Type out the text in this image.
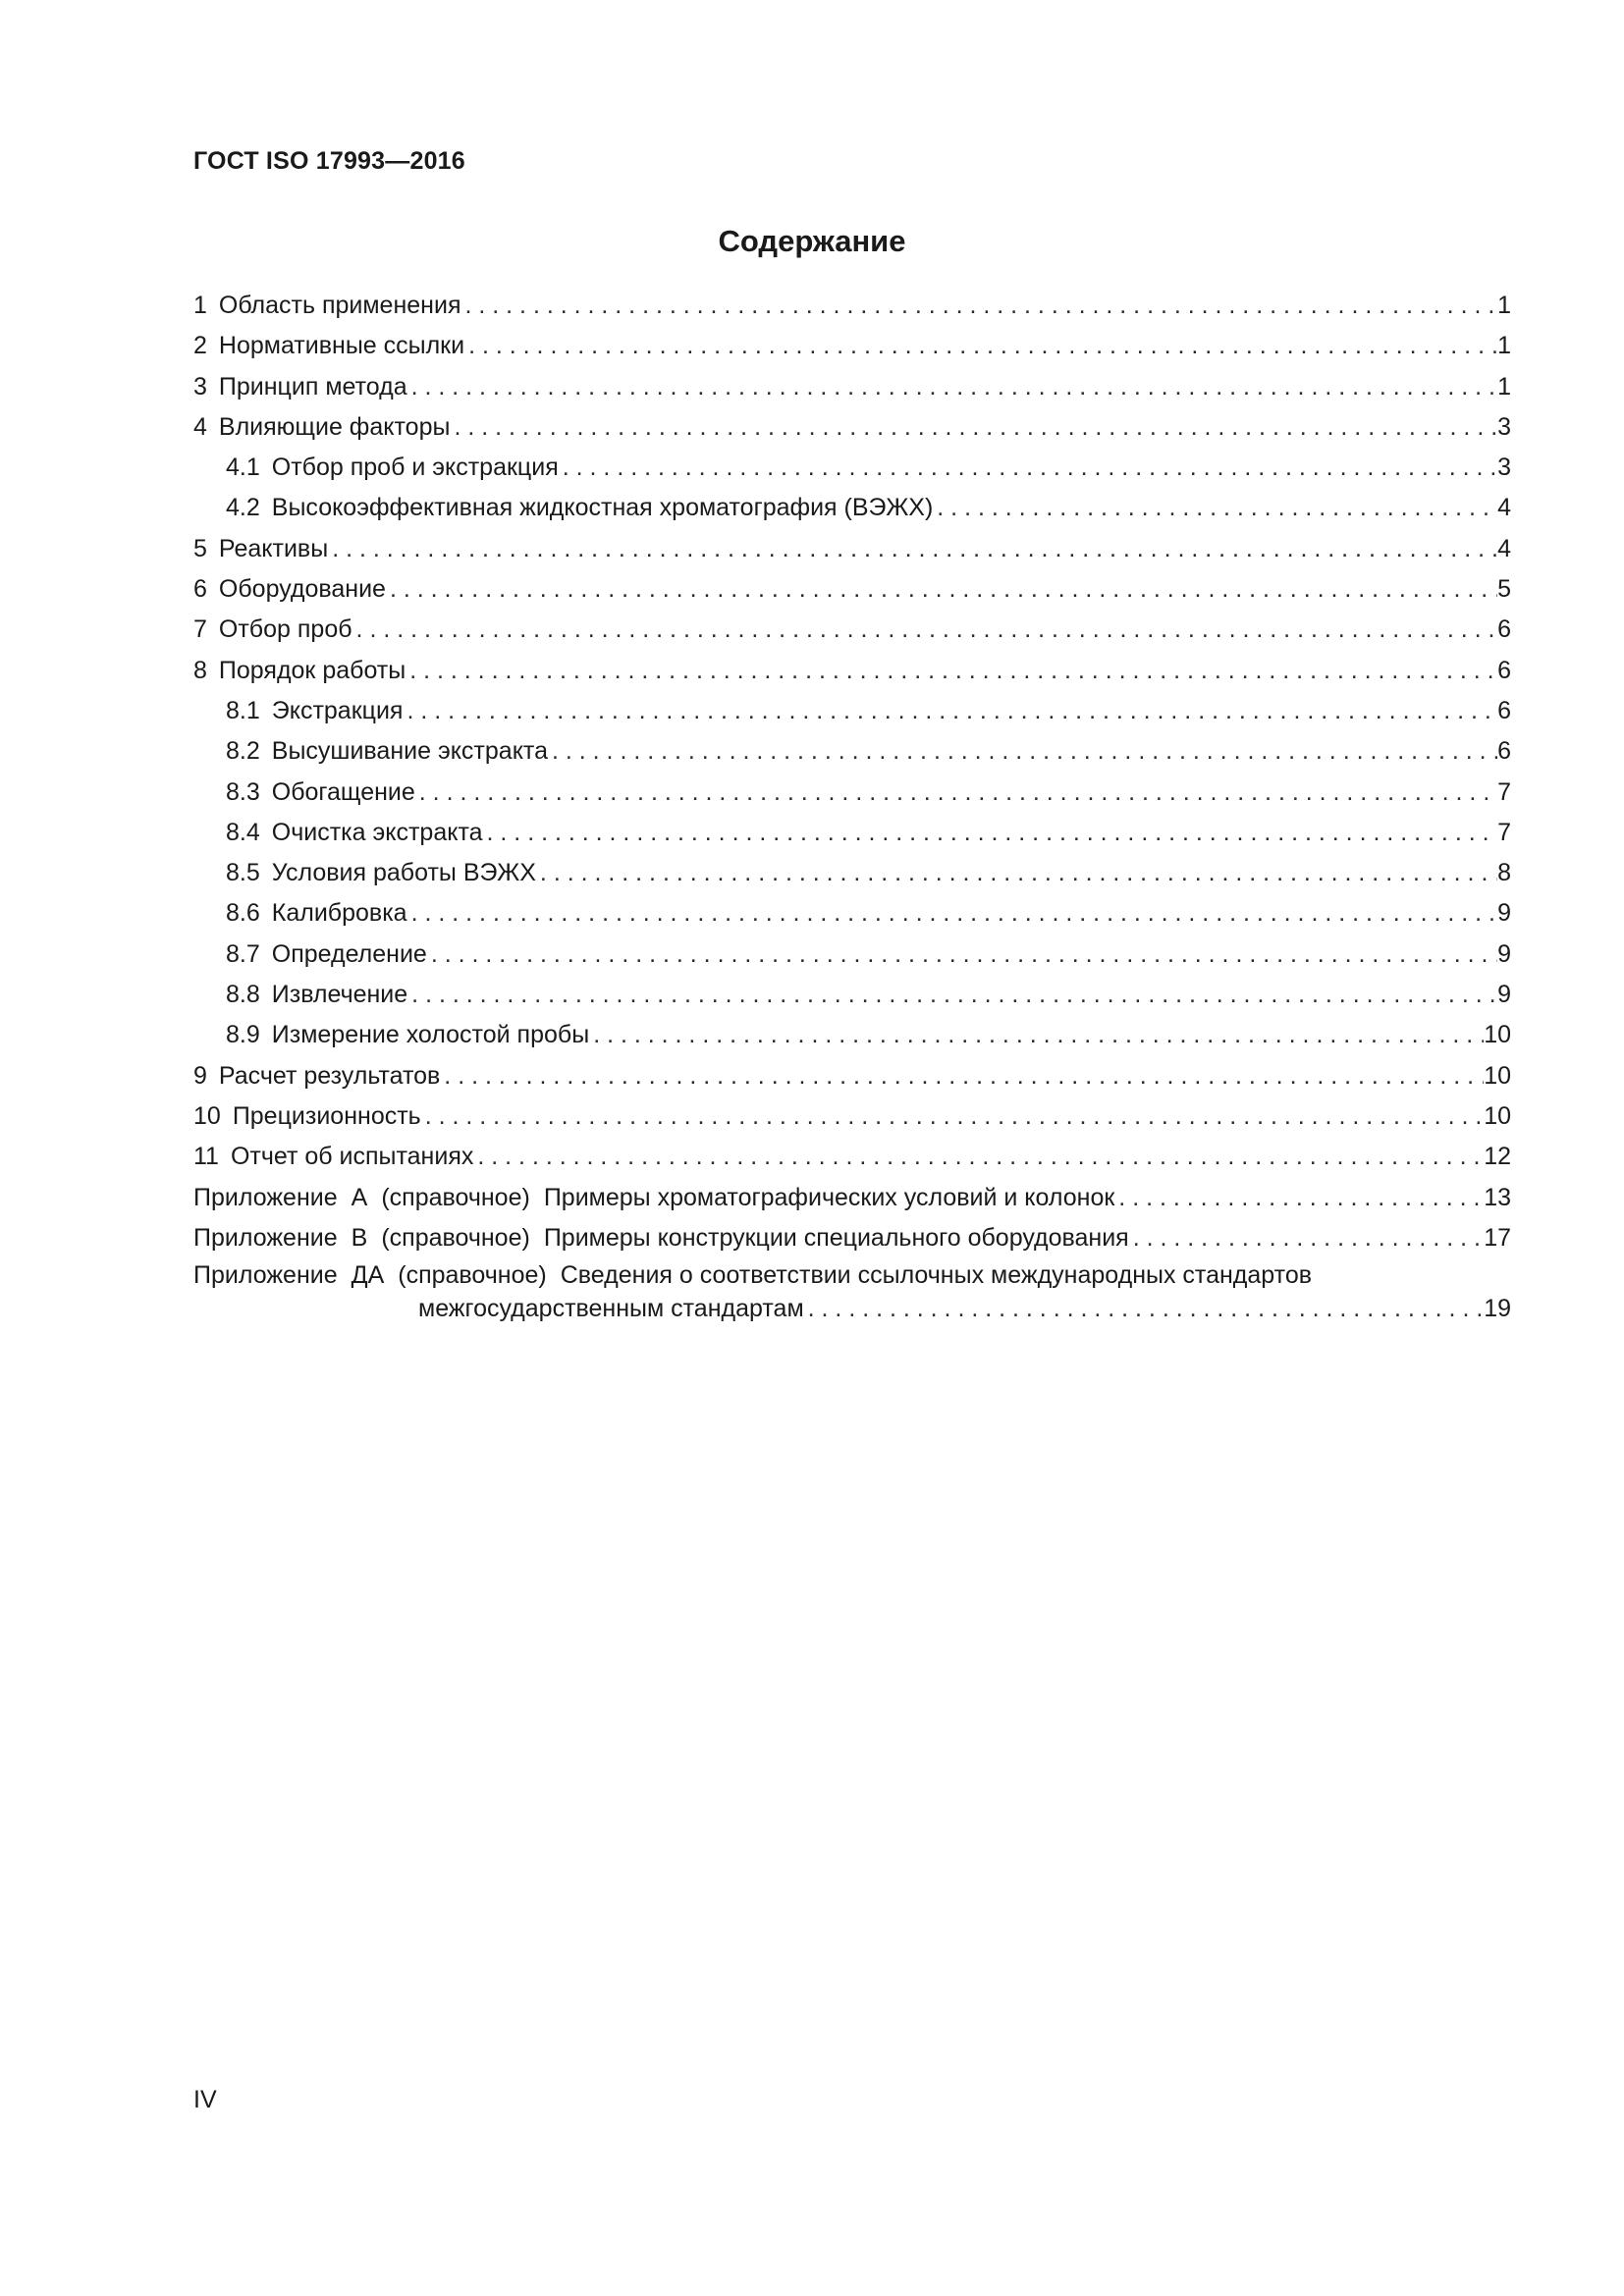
ГОСТ ISO 17993—2016
Содержание
1 Область применения . . .	1
2 Нормативные ссылки . . .	1
3 Принцип метода . . .	1
4 Влияющие факторы . . .	3
4.1 Отбор проб и экстракция . . .	3
4.2 Высокоэффективная жидкостная хроматография (ВЭЖХ) . . .	4
5 Реактивы . . .	4
6 Оборудование . . .	5
7 Отбор проб . . .	6
8 Порядок работы . . .	6
8.1 Экстракция . . .	6
8.2 Высушивание экстракта . . .	6
8.3 Обогащение . . .	7
8.4 Очистка экстракта . . .	7
8.5 Условия работы ВЭЖХ . . .	8
8.6 Калибровка . . .	9
8.7 Определение . . .	9
8.8 Извлечение . . .	9
8.9 Измерение холостой пробы . . .	10
9 Расчет результатов . . .	10
10 Прецизионность . . .	10
11 Отчет об испытаниях . . .	12
Приложение А (справочное) Примеры хроматографических условий и колонок . . .	13
Приложение В (справочное) Примеры конструкции специального оборудования . . .	17
Приложение ДА (справочное) Сведения о соответствии ссылочных международных стандартов
межгосударственным стандартам . . .	19
IV
